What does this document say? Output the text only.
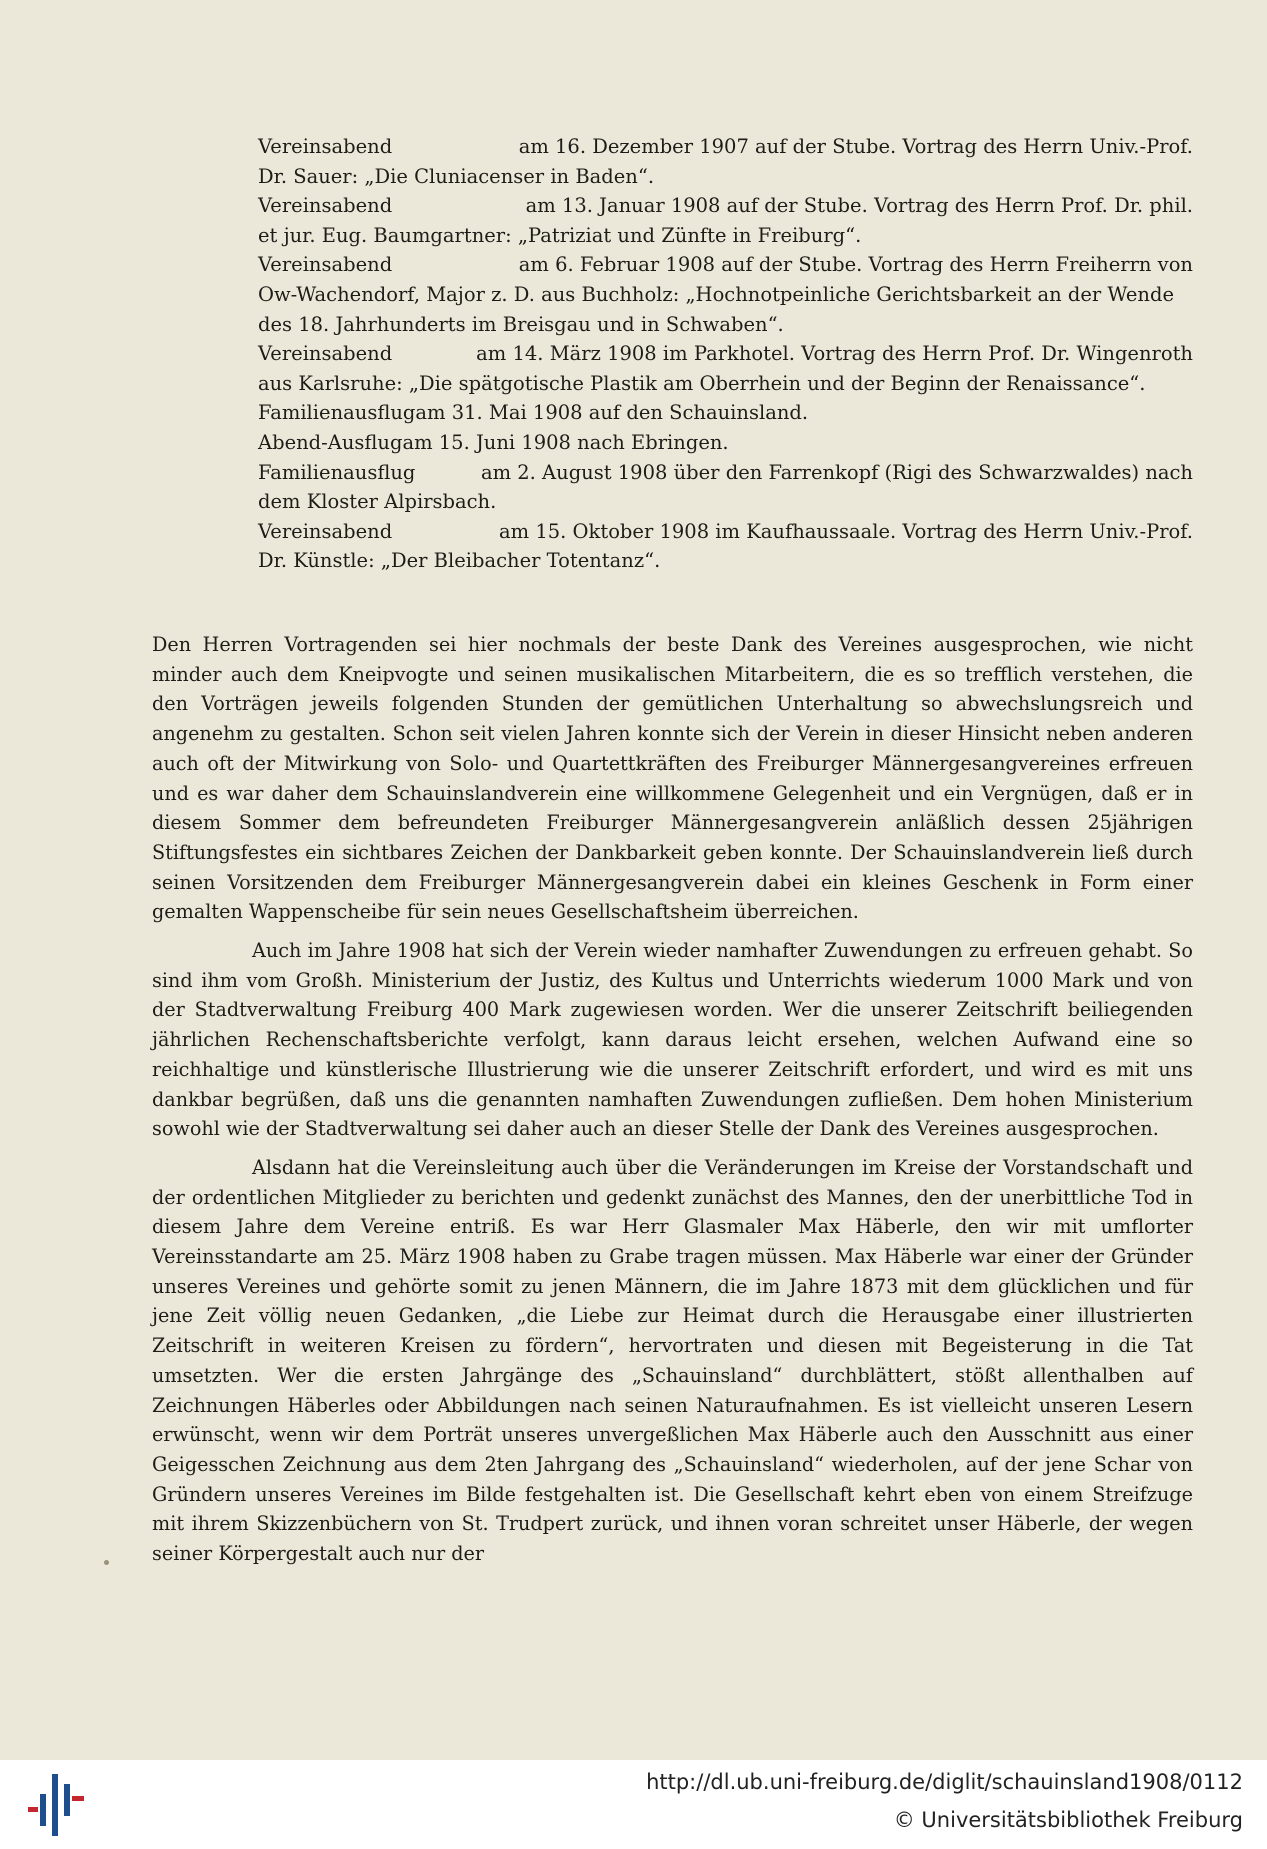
Vereinsabend	am 16. Dezember 1907 auf der Stube. Vortrag des Herrn Univ.-Prof.
Dr. Sauer: „Die Cluniacenser in Baden“.
Vereinsabend	am 13. Januar 1908 auf der Stube. Vortrag des Herrn Prof. Dr. phil.
et jur. Eug. Baumgartner: „Patriziat und Zünfte in Freiburg“.
Vereinsabend	am 6. Februar 1908 auf der Stube. Vortrag des Herrn Freiherrn von
Ow-Wachendorf, Major z. D. aus Buchholz: „Hochnotpeinliche Gerichtsbarkeit an der Wende des 18. Jahrhunderts im Breisgau und in Schwaben“.
Vereinsabend	am 14. März 1908 im Parkhotel. Vortrag des Herrn Prof. Dr. Wingenroth
aus Karlsruhe: „Die spätgotische Plastik am Oberrhein und der Beginn der Renaissance“.
Familienausflug am 31. Mai 1908 auf den Schauinsland.
Abend-Ausflug am 15. Juni 1908 nach Ebringen.
Familienausflug	am 2. August 1908 über den Farrenkopf (Rigi des Schwarzwaldes) nach
dem Kloster Alpirsbach.
Vereinsabend	am 15. Oktober 1908 im Kaufhaussaale. Vortrag des Herrn Univ.-Prof.
Dr. Künstle: „Der Bleibacher Totentanz“.

Den Herren Vortragenden sei hier nochmals der beste Dank des Vereines ausgesprochen, wie nicht minder auch dem Kneipvogte und seinen musikalischen Mitarbeitern, die es so trefflich verstehen, die den Vorträgen jeweils folgenden Stunden der gemütlichen Unterhaltung so abwechslungsreich und angenehm zu gestalten. Schon seit vielen Jahren konnte sich der Verein in dieser Hinsicht neben anderen auch oft der Mitwirkung von Solo- und Quartettkräften des Freiburger Männergesangvereines erfreuen und es war daher dem Schauinslandverein eine willkommene Gelegenheit und ein Vergnügen, daß er in diesem Sommer dem befreundeten Freiburger Männergesangverein anläßlich dessen 25jährigen Stiftungsfestes ein sichtbares Zeichen der Dankbarkeit geben konnte. Der Schauinslandverein ließ durch seinen Vorsitzenden dem Freiburger Männergesangverein dabei ein kleines Geschenk in Form einer gemalten Wappenscheibe für sein neues Gesellschaftsheim überreichen.

Auch im Jahre 1908 hat sich der Verein wieder namhafter Zuwendungen zu erfreuen gehabt. So sind ihm vom Großh. Ministerium der Justiz, des Kultus und Unterrichts wiederum 1000 Mark und von der Stadtverwaltung Freiburg 400 Mark zugewiesen worden. Wer die unserer Zeitschrift beiliegenden jährlichen Rechenschaftsberichte verfolgt, kann daraus leicht ersehen, welchen Aufwand eine so reichhaltige und künstlerische Illustrierung wie die unserer Zeitschrift erfordert, und wird es mit uns dankbar begrüßen, daß uns die genannten namhaften Zuwendungen zufließen. Dem hohen Ministerium sowohl wie der Stadtverwaltung sei daher auch an dieser Stelle der Dank des Vereines ausgesprochen.

Alsdann hat die Vereinsleitung auch über die Veränderungen im Kreise der Vorstandschaft und der ordentlichen Mitglieder zu berichten und gedenkt zunächst des Mannes, den der unerbittliche Tod in diesem Jahre dem Vereine entriß. Es war Herr Glasmaler Max Häberle, den wir mit umflorter Vereinsstandarte am 25. März 1908 haben zu Grabe tragen müssen. Max Häberle war einer der Gründer unseres Vereines und gehörte somit zu jenen Männern, die im Jahre 1873 mit dem glücklichen und für jene Zeit völlig neuen Gedanken, „die Liebe zur Heimat durch die Herausgabe einer illustrierten Zeitschrift in weiteren Kreisen zu fördern“, hervortraten und diesen mit Begeisterung in die Tat umsetzten. Wer die ersten Jahrgänge des „Schauinsland“ durchblättert, stößt allenthalben auf Zeichnungen Häberles oder Abbildungen nach seinen Naturaufnahmen. Es ist vielleicht unseren Lesern erwünscht, wenn wir dem Porträt unseres unvergeßlichen Max Häberle auch den Ausschnitt aus einer Geigesschen Zeichnung aus dem 2ten Jahrgang des „Schauinsland“ wiederholen, auf der jene Schar von Gründern unseres Vereines im Bilde festgehalten ist. Die Gesellschaft kehrt eben von einem Streifzuge mit ihrem Skizzenbüchern von St. Trudpert zurück, und ihnen voran schreitet unser Häberle, der wegen seiner Körpergestalt auch nur der

http://dl.ub.uni-freiburg.de/diglit/schauinsland1908/0112
© Universitätsbibliothek Freiburg
